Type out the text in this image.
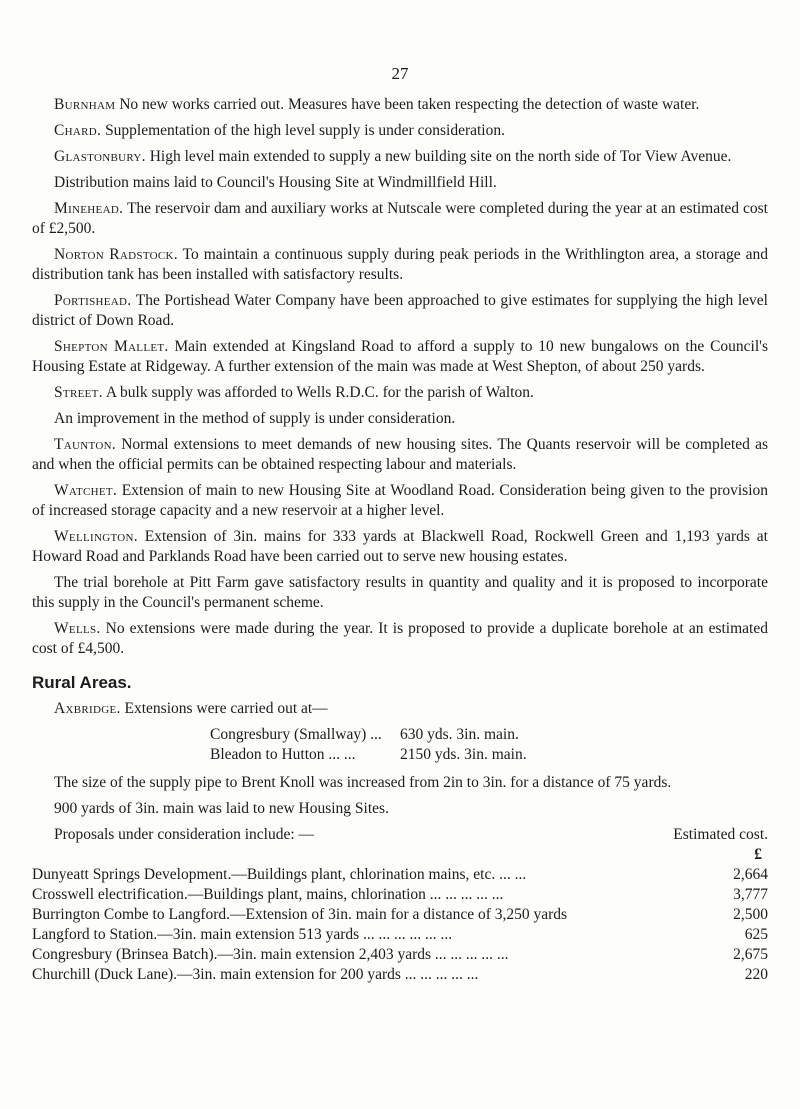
27

Burnham No new works carried out. Measures have been taken respecting the detection of waste water.

Chard. Supplementation of the high level supply is under consideration.

Glastonbury. High level main extended to supply a new building site on the north side of Tor View Avenue.

Distribution mains laid to Council's Housing Site at Windmillfield Hill.

Minehead. The reservoir dam and auxiliary works at Nutscale were completed during the year at an estimated cost of £2,500.

Norton Radstock. To maintain a continuous supply during peak periods in the Writhlington area, a storage and distribution tank has been installed with satisfactory results.

Portishead. The Portishead Water Company have been approached to give estimates for supplying the high level district of Down Road.

Shepton Mallet. Main extended at Kingsland Road to afford a supply to 10 new bungalows on the Council's Housing Estate at Ridgeway. A further extension of the main was made at West Shepton, of about 250 yards.

Street. A bulk supply was afforded to Wells R.D.C. for the parish of Walton.

An improvement in the method of supply is under consideration.

Taunton. Normal extensions to meet demands of new housing sites. The Quants reservoir will be completed as and when the official permits can be obtained respecting labour and materials.

Watchet. Extension of main to new Housing Site at Woodland Road. Consideration being given to the provision of increased storage capacity and a new reservoir at a higher level.

Wellington. Extension of 3in. mains for 333 yards at Blackwell Road, Rockwell Green and 1,193 yards at Howard Road and Parklands Road have been carried out to serve new housing estates.

The trial borehole at Pitt Farm gave satisfactory results in quantity and quality and it is proposed to incorporate this supply in the Council's permanent scheme.

Wells. No extensions were made during the year. It is proposed to provide a duplicate borehole at an estimated cost of £4,500.

Rural Areas.

Axbridge. Extensions were carried out at—

Congresbury (Smallway) ...	630 yds. 3in. main.
Bleadon to Hutton ... ...	2150 yds. 3in. main.

The size of the supply pipe to Brent Knoll was increased from 2in to 3in. for a distance of 75 yards.

900 yards of 3in. main was laid to new Housing Sites.

Proposals under consideration include: —	Estimated cost.
£
Dunyeatt Springs Development.—Buildings plant, chlorination mains, etc. ... ...	2,664
Crosswell electrification.—Buildings plant, mains, chlorination ... ... ... ... ...	3,777
Burrington Combe to Langford.—Extension of 3in. main for a distance of 3,250 yards	2,500
Langford to Station.—3in. main extension 513 yards ... ... ... ... ... ...	625
Congresbury (Brinsea Batch).—3in. main extension 2,403 yards ... ... ... ... ...	2,675
Churchill (Duck Lane).—3in. main extension for 200 yards ... ... ... ... ...	220
